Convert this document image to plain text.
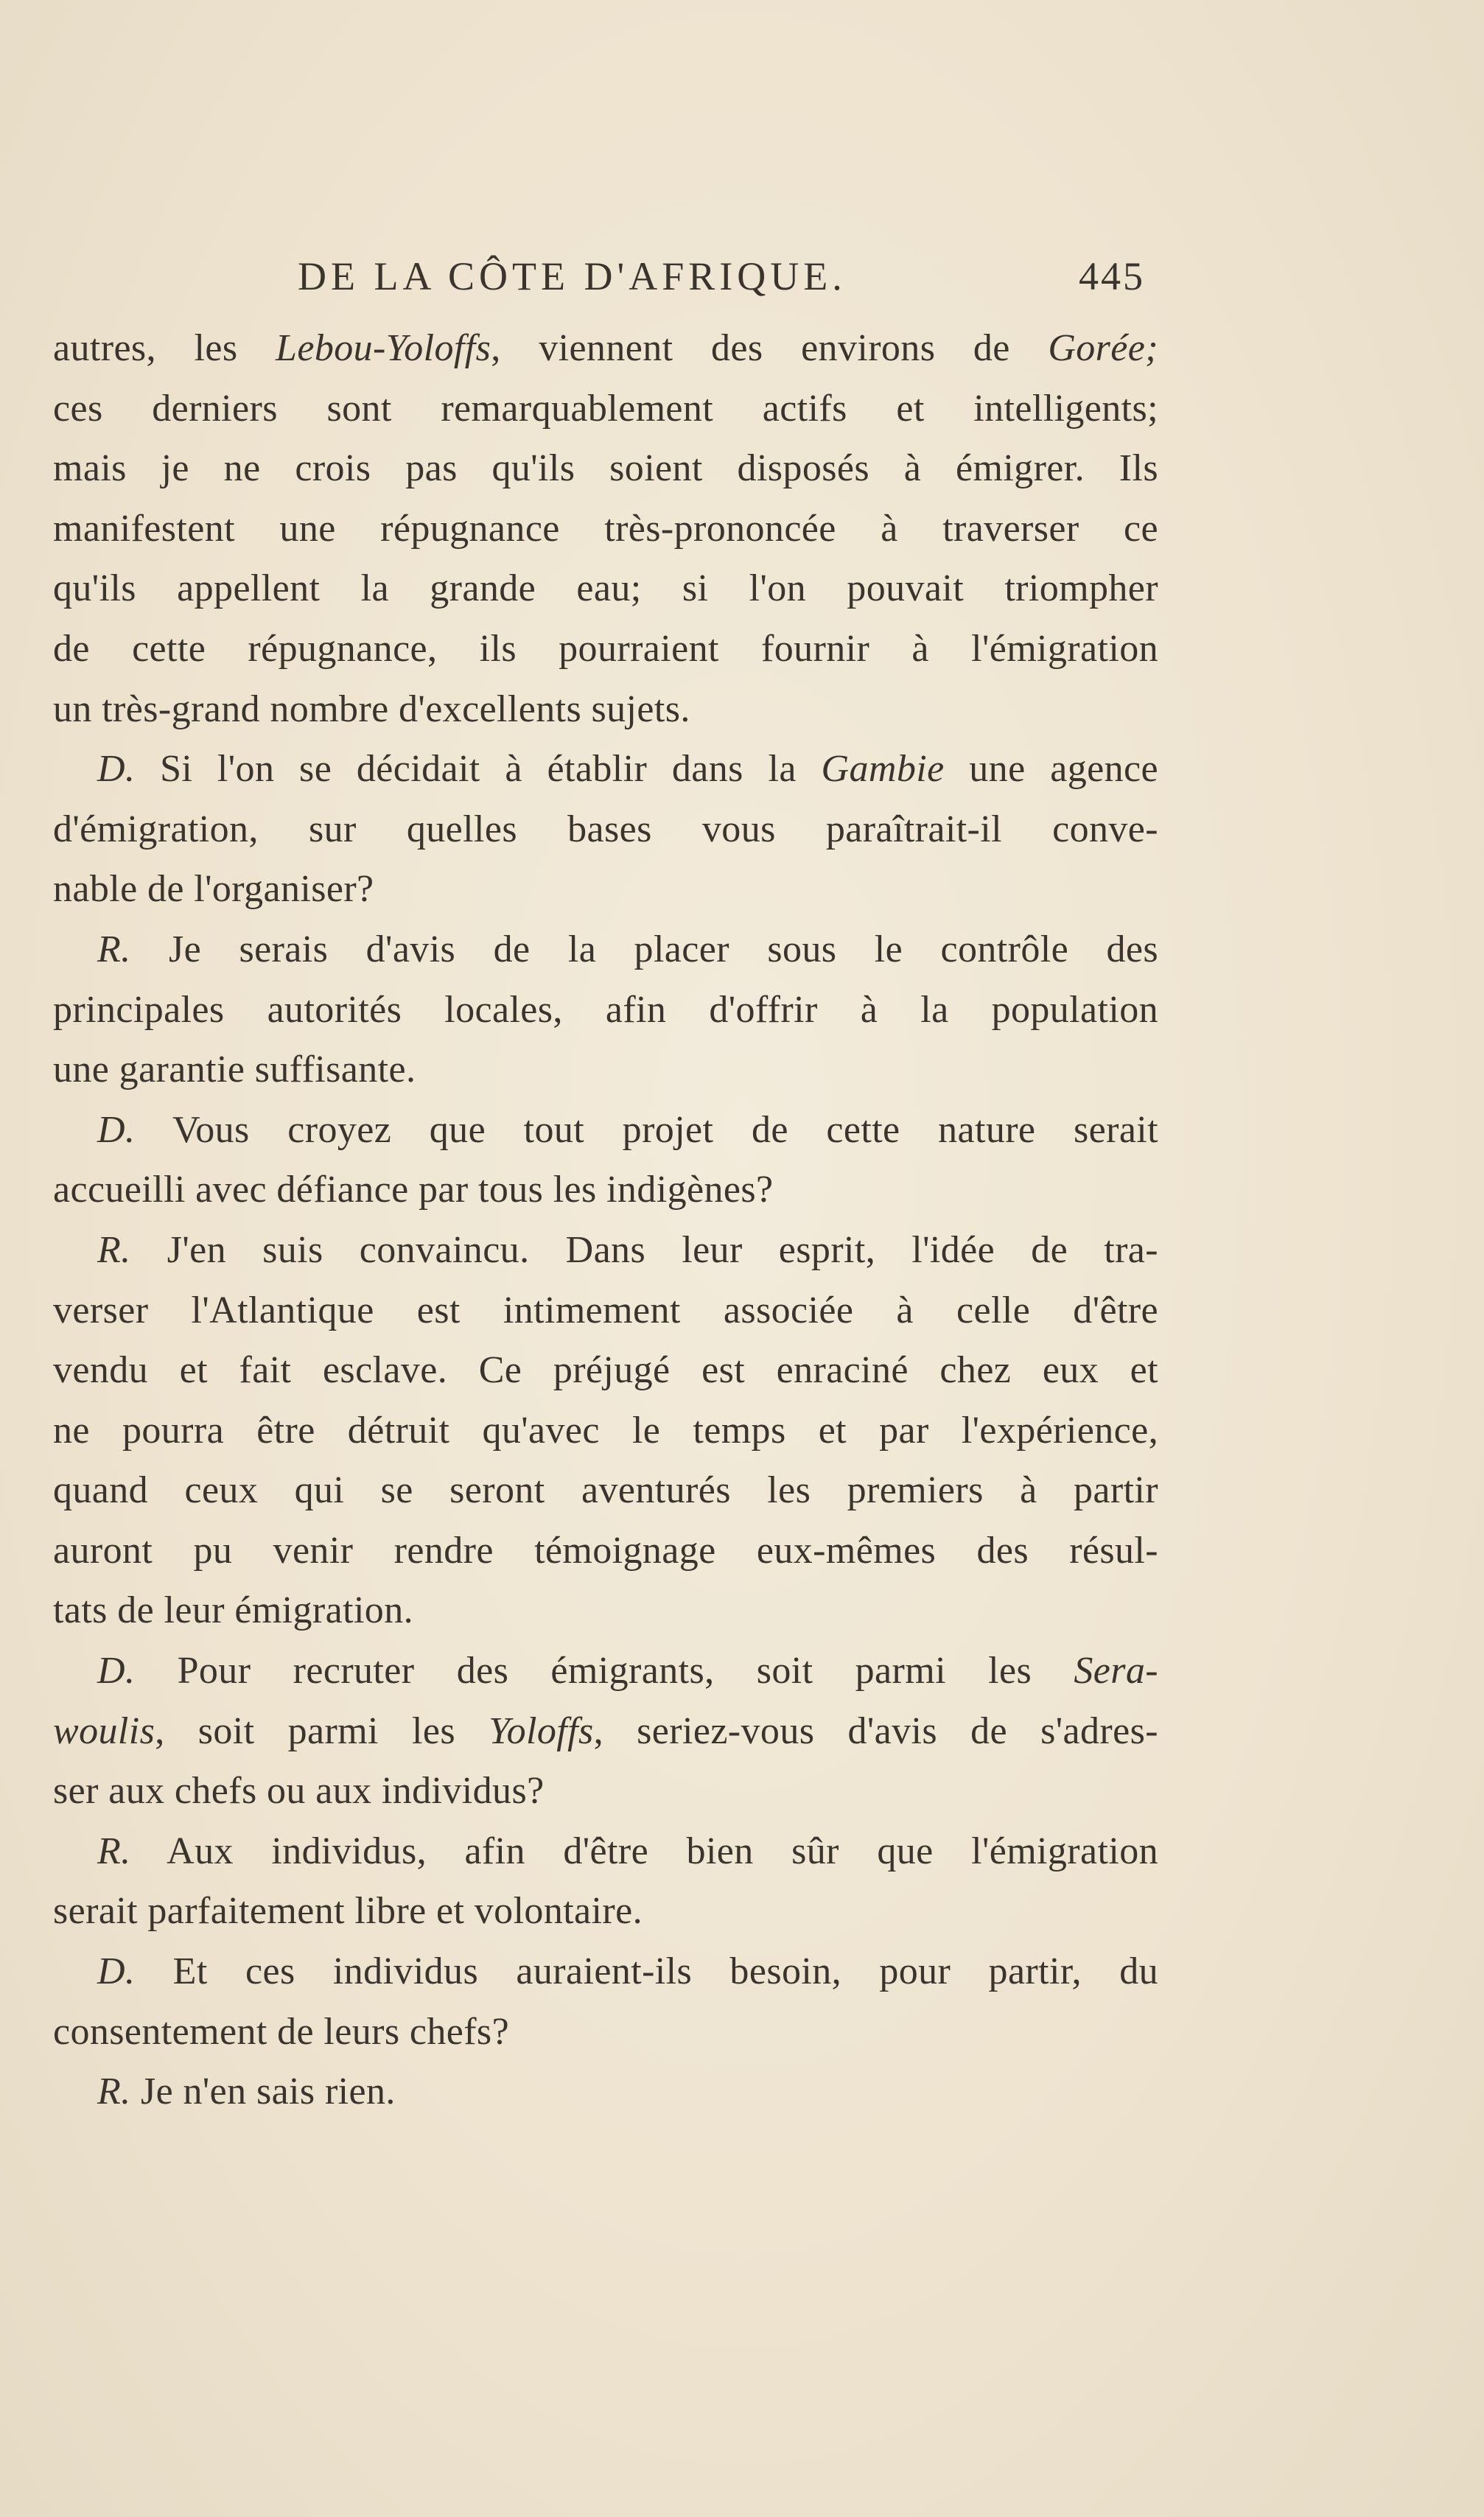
DE LA CÔTE D'AFRIQUE.	445

autres, les Lebou-Yoloffs, viennent des environs de Gorée;
ces derniers sont remarquablement actifs et intelligents;
mais je ne crois pas qu'ils soient disposés à émigrer. Ils
manifestent une répugnance très-prononcée à traverser ce
qu'ils appellent la grande eau; si l'on pouvait triompher
de cette répugnance, ils pourraient fournir à l'émigration
un très-grand nombre d'excellents sujets.

D. Si l'on se décidait à établir dans la Gambie une agence
d'émigration, sur quelles bases vous paraîtrait-il conve-
nable de l'organiser?

R. Je serais d'avis de la placer sous le contrôle des
principales autorités locales, afin d'offrir à la population
une garantie suffisante.

D. Vous croyez que tout projet de cette nature serait
accueilli avec défiance par tous les indigènes?

R. J'en suis convaincu. Dans leur esprit, l'idée de tra-
verser l'Atlantique est intimement associée à celle d'être
vendu et fait esclave. Ce préjugé est enraciné chez eux et
ne pourra être détruit qu'avec le temps et par l'expérience,
quand ceux qui se seront aventurés les premiers à partir
auront pu venir rendre témoignage eux-mêmes des résul-
tats de leur émigration.

D. Pour recruter des émigrants, soit parmi les Sera-
woulis, soit parmi les Yoloffs, seriez-vous d'avis de s'adres-
ser aux chefs ou aux individus?

R. Aux individus, afin d'être bien sûr que l'émigration
serait parfaitement libre et volontaire.

D. Et ces individus auraient-ils besoin, pour partir, du
consentement de leurs chefs?

R. Je n'en sais rien.
